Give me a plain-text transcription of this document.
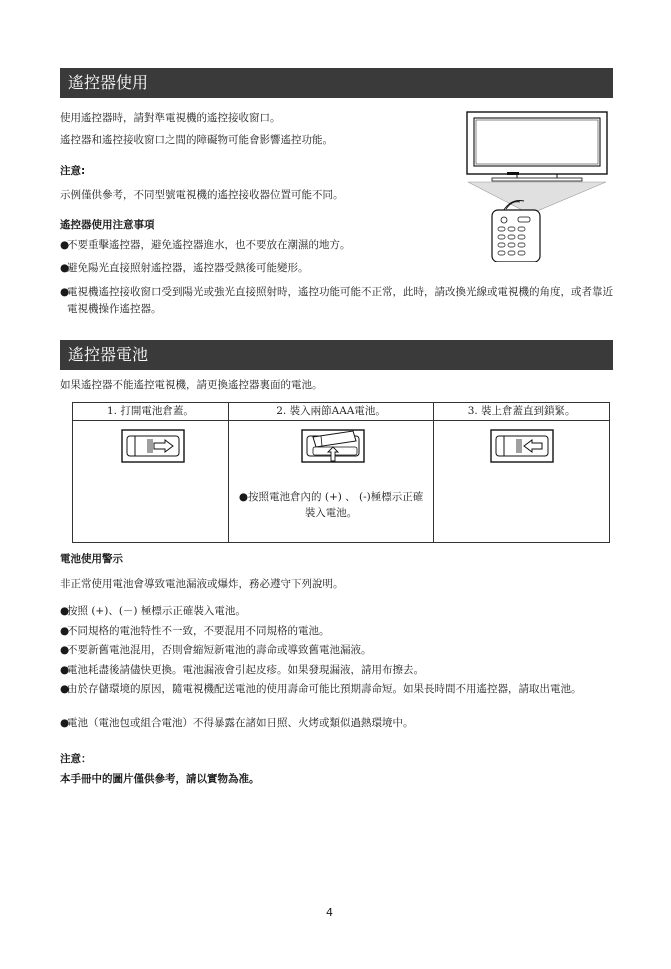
遙控器使用
使用遙控器時，請對準電視機的遙控接收窗口。
遙控器和遙控接收窗口之間的障礙物可能會影響遙控功能。
注意:
示例僅供參考，不同型號電視機的遙控接收器位置可能不同。
遙控器使用注意事項
●
不要重擊遙控器，避免遙控器進水，也不要放在潮濕的地方。
●
避免陽光直接照射遙控器，遙控器受熱後可能變形。
●
電視機遙控接收窗口受到陽光或強光直接照射時，遙控功能可能不正常，此時，請改換光線或電視機的角度，或者靠近電視機操作遙控器。
遙控器電池
如果遙控器不能遙控電視機，請更換遙控器裏面的電池。
1. 打開電池倉蓋。	2. 裝入兩節AAA電池。	3. 裝上倉蓋直到鎖緊。

●按照電池倉內的 (+) 、 (-)極標示正確裝入電池。

電池使用警示
非正常使用電池會導致電池漏液或爆炸，務必遵守下列說明。
●
按照 (+)、(－) 極標示正確裝入電池。
●
不同規格的電池特性不一致，不要混用不同規格的電池。
●
不要新舊電池混用，否則會縮短新電池的壽命或導致舊電池漏液。
●
電池耗盡後請儘快更換。電池漏液會引起皮疹。如果發現漏液，請用布擦去。
●
由於存儲環境的原因，隨電視機配送電池的使用壽命可能比預期壽命短。如果長時間不用遙控器，請取出電池。
●
電池（電池包或組合電池）不得暴露在諸如日照、火烤或類似過熱環境中。
注意：
本手冊中的圖片僅供參考，請以實物為准。
4
